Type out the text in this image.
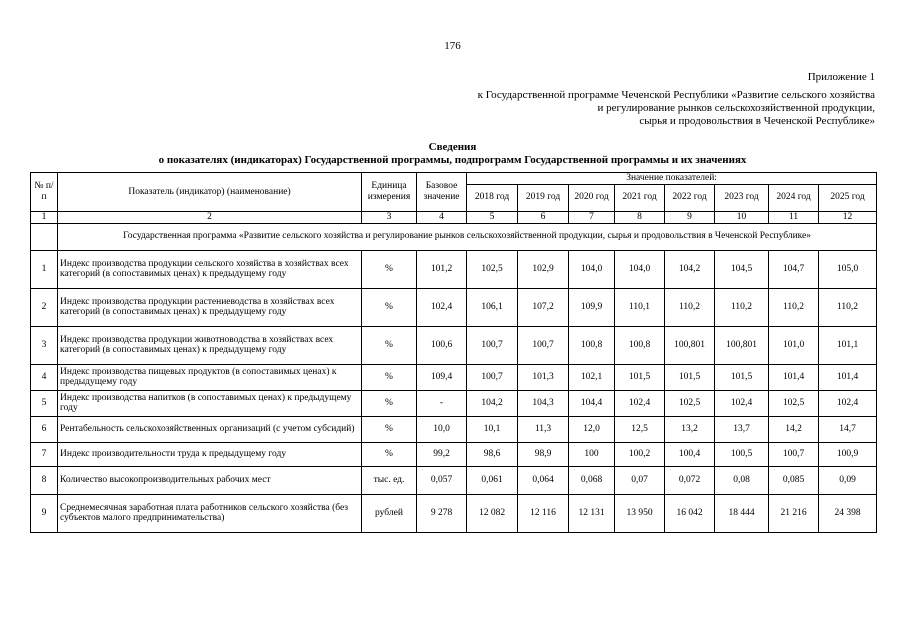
176
Приложение 1
к Государственной программе Чеченской Республики «Развитие сельского хозяйства
и регулирование рынков сельскохозяйственной продукции,
сырья и продовольствия в Чеченской Республике»
Сведения
о показателях (индикаторах) Государственной программы, подпрограмм Государственной программы и их значениях
№ п/п	Показатель (индикатор) (наименование)	Единица измерения	Базовое значение	Значение показателей:							
				2018 год	2019 год	2020 год	2021 год	2022 год	2023 год	2024 год	2025 год
1	2	3	4	5	6	7	8	9	10	11	12
	Государственная программа «Развитие сельского хозяйства и регулирование рынков сельскохозяйственной продукции, сырья и продовольствия в Чеченской Республике»										
1	Индекс производства продукции сельского хозяйства в хозяйствах всех категорий (в сопоставимых ценах) к предыдущему году	%	101,2	102,5	102,9	104,0	104,0	104,2	104,5	104,7	105,0
2	Индекс производства продукции растениеводства в хозяйствах всех категорий (в сопоставимых ценах) к предыдущему году	%	102,4	106,1	107,2	109,9	110,1	110,2	110,2	110,2	110,2
3	Индекс производства продукции животноводства в хозяйствах всех категорий (в сопоставимых ценах) к предыдущему году	%	100,6	100,7	100,7	100,8	100,8	100,801	100,801	101,0	101,1
4	Индекс производства пищевых продуктов (в сопоставимых ценах) к предыдущему году	%	109,4	100,7	101,3	102,1	101,5	101,5	101,5	101,4	101,4
5	Индекс производства напитков (в сопоставимых ценах) к предыдущему году	%	-	104,2	104,3	104,4	102,4	102,5	102,4	102,5	102,4
6	Рентабельность сельскохозяйственных организаций (с учетом субсидий)	%	10,0	10,1	11,3	12,0	12,5	13,2	13,7	14,2	14,7
7	Индекс производительности труда к предыдущему году	%	99,2	98,6	98,9	100	100,2	100,4	100,5	100,7	100,9
8	Количество высокопроизводительных рабочих мест	тыс. ед.	0,057	0,061	0,064	0,068	0,07	0,072	0,08	0,085	0,09
9	Среднемесячная заработная плата работников сельского хозяйства (без субъектов малого предпринимательства)	рублей	9 278	12 082	12 116	12 131	13 950	16 042	18 444	21 216	24 398
